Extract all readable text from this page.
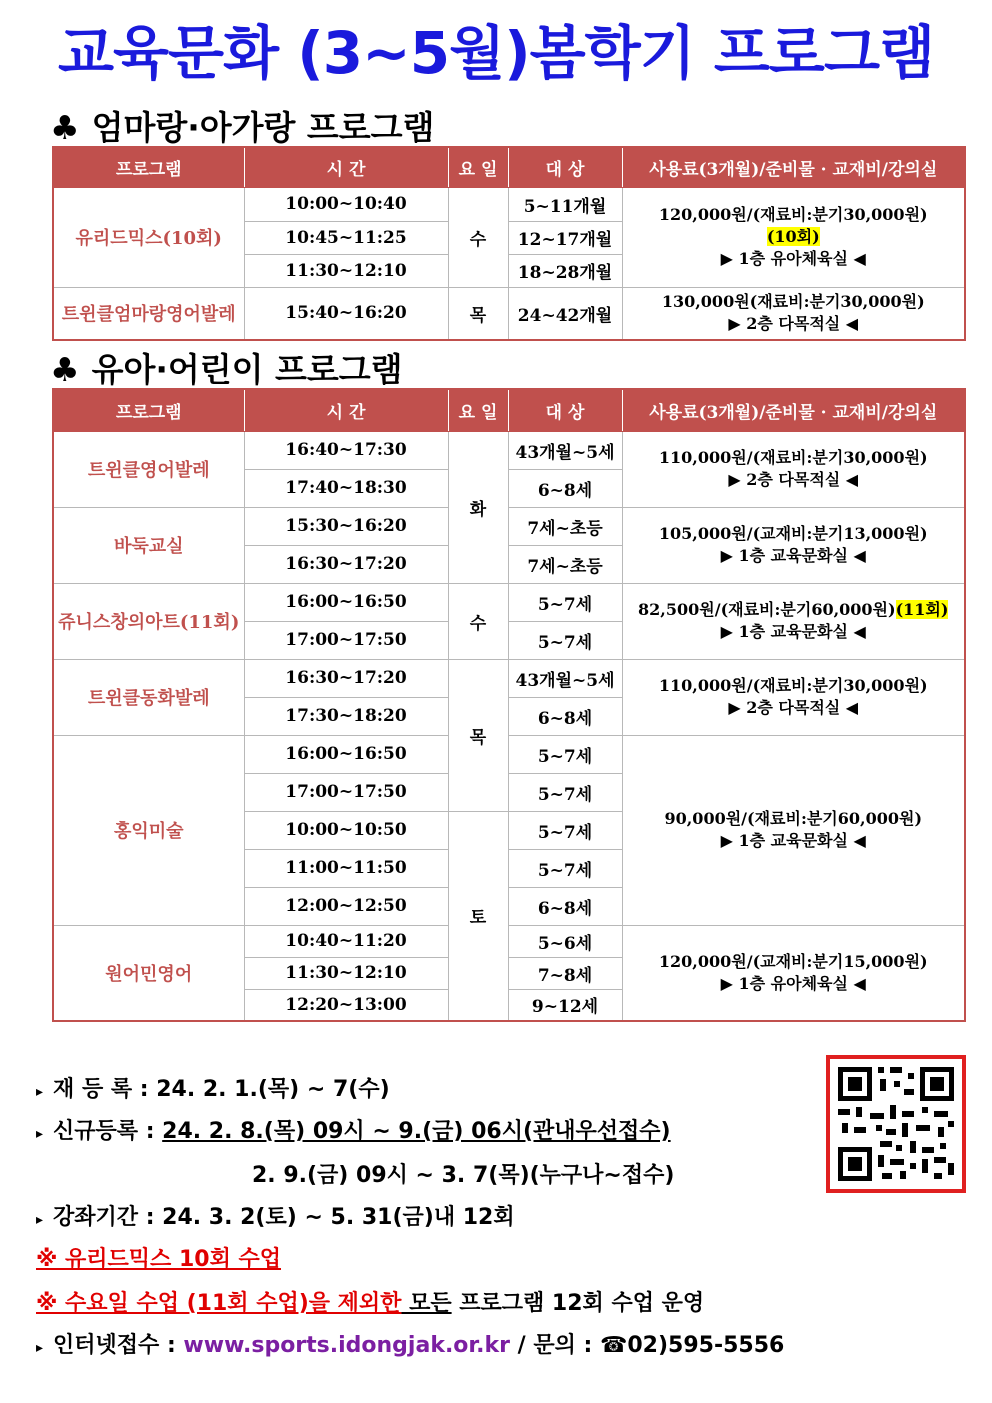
교육문화 (3~5월)봄학기 프로그램
♣ 엄마랑·아가랑 프로그램
프로그램	시 간	요 일	대 상	사용료(3개월)/준비물 · 교재비/강의실
유리드믹스(10회)	10:00~10:40	수	5~11개월	120,000원/(재료비:분기30,000원)
(10회)
▶ 1층 유아체육실 ◀

	10:45~11:25		12~17개월	
	11:30~12:10		18~28개월	
트윈클엄마랑영어발레	15:40~16:20	목	24~42개월	130,000원(재료비:분기30,000원)
▶ 2층 다목적실 ◀
♣ 유아·어린이 프로그램
프로그램	시 간	요 일	대 상	사용료(3개월)/준비물 · 교재비/강의실
트윈클영어발레	16:40~17:30	화	43개월~5세	110,000원/(재료비:분기30,000원)
▶ 2층 다목적실 ◀

	17:40~18:30		6~8세	
바둑교실	15:30~16:20		7세~초등	105,000원/(교재비:분기13,000원)
▶ 1층 교육문화실 ◀

	16:30~17:20		7세~초등	
쥬니스창의아트(11회)	16:00~16:50	수	5~7세	82,500원/(재료비:분기60,000원)(11회)
▶ 1층 교육문화실 ◀

	17:00~17:50		5~7세	
트윈클동화발레	16:30~17:20	목	43개월~5세	110,000원/(재료비:분기30,000원)
▶ 2층 다목적실 ◀

	17:30~18:20		6~8세	
홍익미술	16:00~16:50		5~7세	90,000원/(재료비:분기60,000원)
▶ 1층 교육문화실 ◀

	17:00~17:50		5~7세	
	10:00~10:50	토	5~7세	
	11:00~11:50		5~7세	
	12:00~12:50		6~8세	
원어민영어	10:40~11:20		5~6세	120,000원/(교재비:분기15,000원)
▶ 1층 유아체육실 ◀

	11:30~12:10		7~8세	
	12:20~13:00		9~12세	
▸ 재 등 록 : 24. 2. 1.(목) ~ 7(수)
▸ 신규등록 : 24. 2. 8.(목) 09시 ~ 9.(금) 06시(관내우선접수)
2. 9.(금) 09시 ~ 3. 7(목)(누구나~접수)
▸ 강좌기간 : 24. 3. 2(토) ~ 5. 31(금)내 12회
※ 유리드믹스 10회 수업
※ 수요일 수업 (11회 수업)을 제외한 모든 프로그램 12회 수업 운영
▸ 인터넷접수 : www.sports.idongjak.or.kr / 문의 : ☎02)595-5556
